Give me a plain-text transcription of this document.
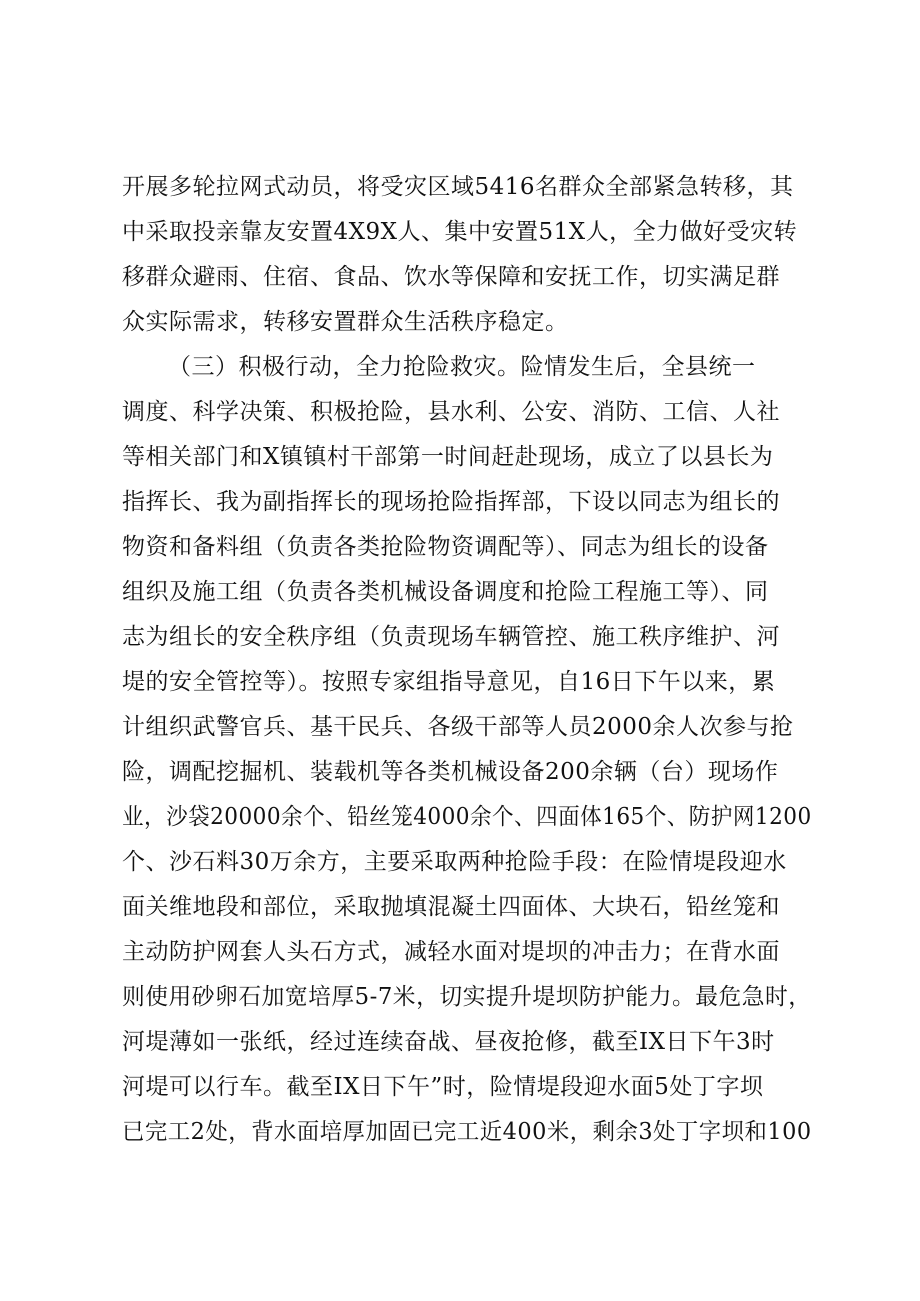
开展多轮拉网式动员，将受灾区域5416名群众全部紧急转移，其
中采取投亲靠友安置4X9X人、集中安置51X人，全力做好受灾转
移群众避雨、住宿、食品、饮水等保障和安抚工作，切实满足群
众实际需求，转移安置群众生活秩序稳定。
（三）积极行动，全力抢险救灾。险情发生后，全县统一
调度、科学决策、积极抢险，县水利、公安、消防、工信、人社
等相关部门和X镇镇村干部第一时间赶赴现场，成立了以县长为
指挥长、我为副指挥长的现场抢险指挥部，下设以同志为组长的
物资和备料组（负责各类抢险物资调配等）、同志为组长的设备
组织及施工组（负责各类机械设备调度和抢险工程施工等）、同
志为组长的安全秩序组（负责现场车辆管控、施工秩序维护、河
堤的安全管控等）。按照专家组指导意见，自16日下午以来，累
计组织武警官兵、基干民兵、各级干部等人员2000余人次参与抢
险，调配挖掘机、装载机等各类机械设备200余辆（台）现场作
业，沙袋20000余个、铅丝笼4000余个、四面体165个、防护网1200
个、沙石料30万余方，主要采取两种抢险手段：在险情堤段迎水
面关维地段和部位，采取抛填混凝土四面体、大块石，铅丝笼和
主动防护网套人头石方式，减轻水面对堤坝的冲击力；在背水面
则使用砂卵石加宽培厚5-7米，切实提升堤坝防护能力。最危急时，
河堤薄如一张纸，经过连续奋战、昼夜抢修，截至IX日下午3时
河堤可以行车。截至IX日下午”时，险情堤段迎水面5处丁字坝
已完工2处，背水面培厚加固已完工近400米，剩余3处丁字坝和100
